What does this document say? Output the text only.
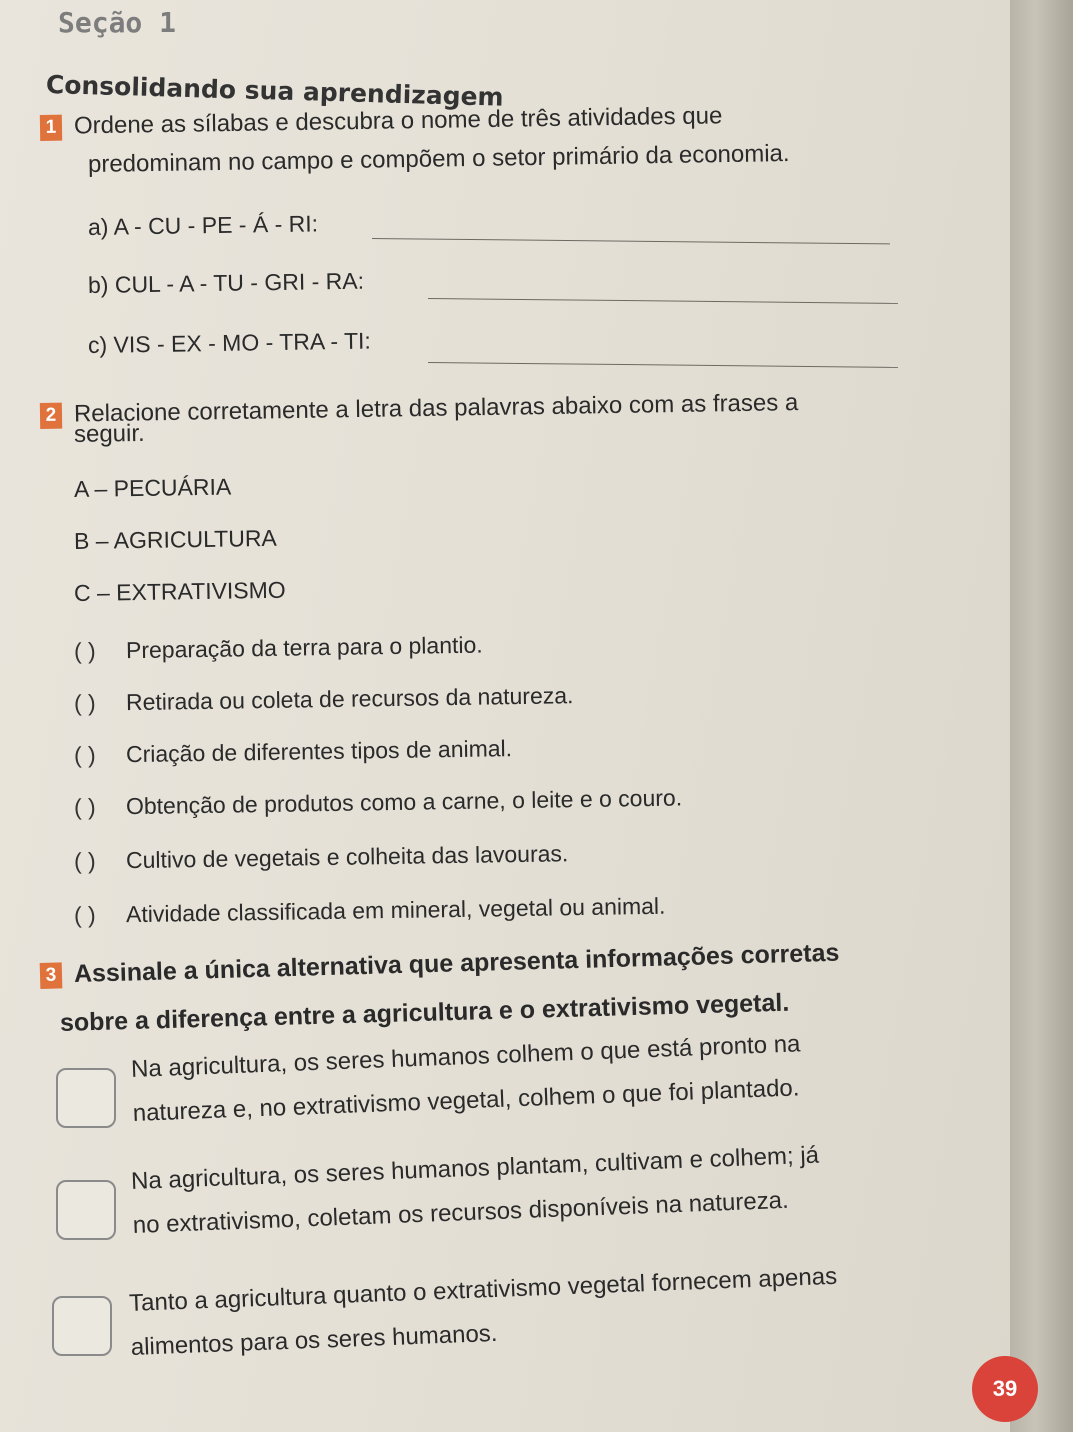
Seção 1
Consolidando sua aprendizagem
1 Ordene as sílabas e descubra o nome de três atividades que
predominam no campo e compõem o setor primário da economia.
a) A - CU - PE - Á - RI:
b) CUL - A - TU - GRI - RA:
c) VIS - EX - MO - TRA - TI:
2 Relacione corretamente a letra das palavras abaixo com as frases a
seguir.
A – PECUÁRIA
B – AGRICULTURA
C – EXTRATIVISMO
( ) Preparação da terra para o plantio.
( ) Retirada ou coleta de recursos da natureza.
( ) Criação de diferentes tipos de animal.
( ) Obtenção de produtos como a carne, o leite e o couro.
( ) Cultivo de vegetais e colheita das lavouras.
( ) Atividade classificada em mineral, vegetal ou animal.
3 Assinale a única alternativa que apresenta informações corretas
sobre a diferença entre a agricultura e o extrativismo vegetal.
Na agricultura, os seres humanos colhem o que está pronto na
natureza e, no extrativismo vegetal, colhem o que foi plantado.
Na agricultura, os seres humanos plantam, cultivam e colhem; já
no extrativismo, coletam os recursos disponíveis na natureza.
Tanto a agricultura quanto o extrativismo vegetal fornecem apenas
alimentos para os seres humanos.
39
